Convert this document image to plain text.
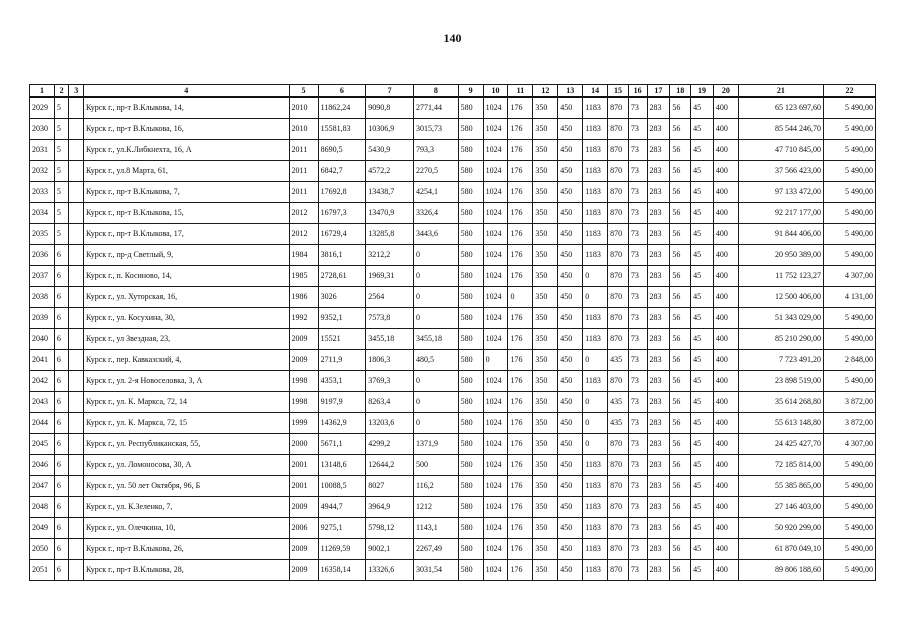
140
1	2	3	4	5	6	7	8	9	10	11	12	13	14	15	16	17	18	19	20	21	22
2029	5		Курск г., пр-т В.Клыкова, 14,	2010	11862,24	9090,8	2771,44	580	1024	176	350	450	1183	870	73	283	56	45	400	65 123 697,60	5 490,00
2030	5		Курск г., пр-т В.Клыкова, 16,	2010	15581,83	10306,9	3015,73	580	1024	176	350	450	1183	870	73	283	56	45	400	85 544 246,70	5 490,00
2031	5		Курск г., ул.К.Либкнехта, 16, А	2011	8690,5	5430,9	793,3	580	1024	176	350	450	1183	870	73	283	56	45	400	47 710 845,00	5 490,00
2032	5		Курск г., ул.8 Марта, 61,	2011	6842,7	4572,2	2270,5	580	1024	176	350	450	1183	870	73	283	56	45	400	37 566 423,00	5 490,00
2033	5		Курск г., пр-т В.Клыкова, 7,	2011	17692,8	13438,7	4254,1	580	1024	176	350	450	1183	870	73	283	56	45	400	97 133 472,00	5 490,00
2034	5		Курск г., пр-т В.Клыкова, 15,	2012	16797,3	13470,9	3326,4	580	1024	176	350	450	1183	870	73	283	56	45	400	92 217 177,00	5 490,00
2035	5		Курск г., пр-т В.Клыкова, 17,	2012	16729,4	13285,8	3443,6	580	1024	176	350	450	1183	870	73	283	56	45	400	91 844 406,00	5 490,00
2036	6		Курск г., пр-д Светлый, 9,	1984	3816,1	3212,2	0	580	1024	176	350	450	1183	870	73	283	56	45	400	20 950 389,00	5 490,00
2037	6		Курск г., п. Косиново, 14,	1985	2728,61	1969,31	0	580	1024	176	350	450	0	870	73	283	56	45	400	11 752 123,27	4 307,00
2038	6		Курск г., ул. Хуторская, 16,	1986	3026	2564	0	580	1024	0	350	450	0	870	73	283	56	45	400	12 500 406,00	4 131,00
2039	6		Курск г., ул. Косухина, 30,	1992	9352,1	7573,8	0	580	1024	176	350	450	1183	870	73	283	56	45	400	51 343 029,00	5 490,00
2040	6		Курск г., ул Звездная, 23,	2009	15521	3455,18	3455,18	580	1024	176	350	450	1183	870	73	283	56	45	400	85 210 290,00	5 490,00
2041	6		Курск г., пер. Кавказский, 4,	2009	2711,9	1806,3	480,5	580	0	176	350	450	0	435	73	283	56	45	400	7 723 491,20	2 848,00
2042	6		Курск г., ул. 2-я Новоселовка, 3, А	1998	4353,1	3769,3	0	580	1024	176	350	450	1183	870	73	283	56	45	400	23 898 519,00	5 490,00
2043	6		Курск г., ул. К. Маркса, 72, 14	1998	9197,9	8263,4	0	580	1024	176	350	450	0	435	73	283	56	45	400	35 614 268,80	3 872,00
2044	6		Курск г., ул. К. Маркса, 72, 15	1999	14362,9	13203,6	0	580	1024	176	350	450	0	435	73	283	56	45	400	55 613 148,80	3 872,00
2045	6		Курск г., ул. Республиканская, 55,	2000	5671,1	4299,2	1371,9	580	1024	176	350	450	0	870	73	283	56	45	400	24 425 427,70	4 307,00
2046	6		Курск г., ул. Ломоносова, 30, А	2001	13148,6	12644,2	500	580	1024	176	350	450	1183	870	73	283	56	45	400	72 185 814,00	5 490,00
2047	6		Курск г., ул. 50 лет Октября, 96, Б	2001	10088,5	8027	116,2	580	1024	176	350	450	1183	870	73	283	56	45	400	55 385 865,00	5 490,00
2048	6		Курск г., ул. К.Зеленко, 7,	2009	4944,7	3964,9	1212	580	1024	176	350	450	1183	870	73	283	56	45	400	27 146 403,00	5 490,00
2049	6		Курск г., ул. Олечкина, 10,	2006	9275,1	5798,12	1143,1	580	1024	176	350	450	1183	870	73	283	56	45	400	50 920 299,00	5 490,00
2050	6		Курск г., пр-т В.Клыкова, 26,	2009	11269,59	9002,1	2267,49	580	1024	176	350	450	1183	870	73	283	56	45	400	61 870 049,10	5 490,00
2051	6		Курск г., пр-т В.Клыкова, 28,	2009	16358,14	13326,6	3031,54	580	1024	176	350	450	1183	870	73	283	56	45	400	89 806 188,60	5 490,00
